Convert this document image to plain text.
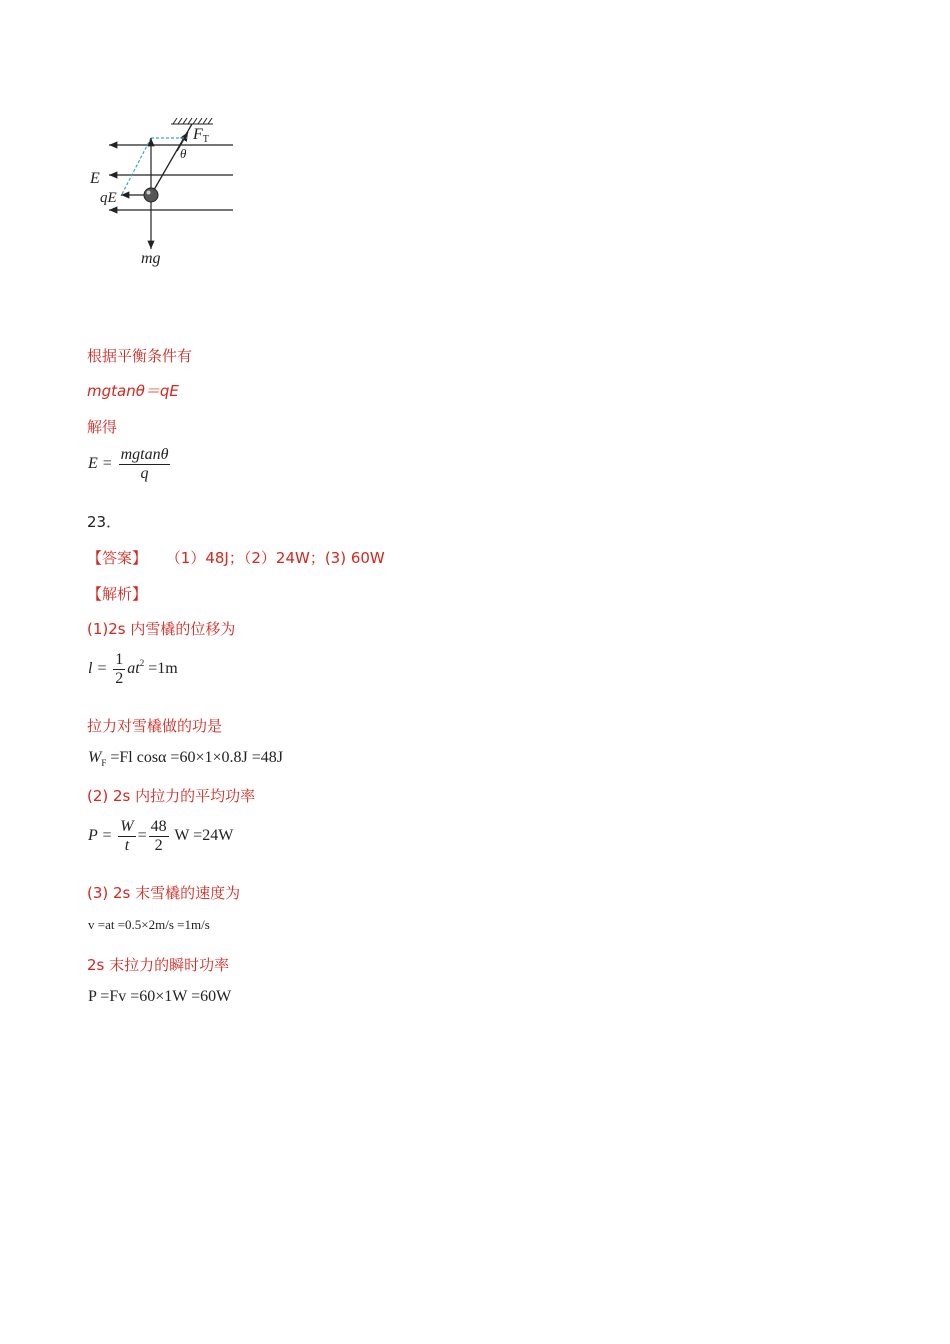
FT
θ
E
qE
mg
根据平衡条件有
mgtanθ＝qE
解得
$E = \frac{mgtan\theta}{q}$
23．
【答案】 （1）48J；（2）24W；(3) 60W
【解析】
(1)2s 内雪橇的位移为
$l = \frac{1}{2} at^2 =1m$
拉力对雪橇做的功是
$W_F =Fl$ cosα =60×1×0.8J =48J
(2) 2s 内拉力的平均功率
$P = \frac{W}{t} = \frac{48}{2}$ W =24W
(3) 2s 末雪橇的速度为
v =at =0.5×2m/s =1m/s
2s 末拉力的瞬时功率
P =Fv =60×1W =60W
